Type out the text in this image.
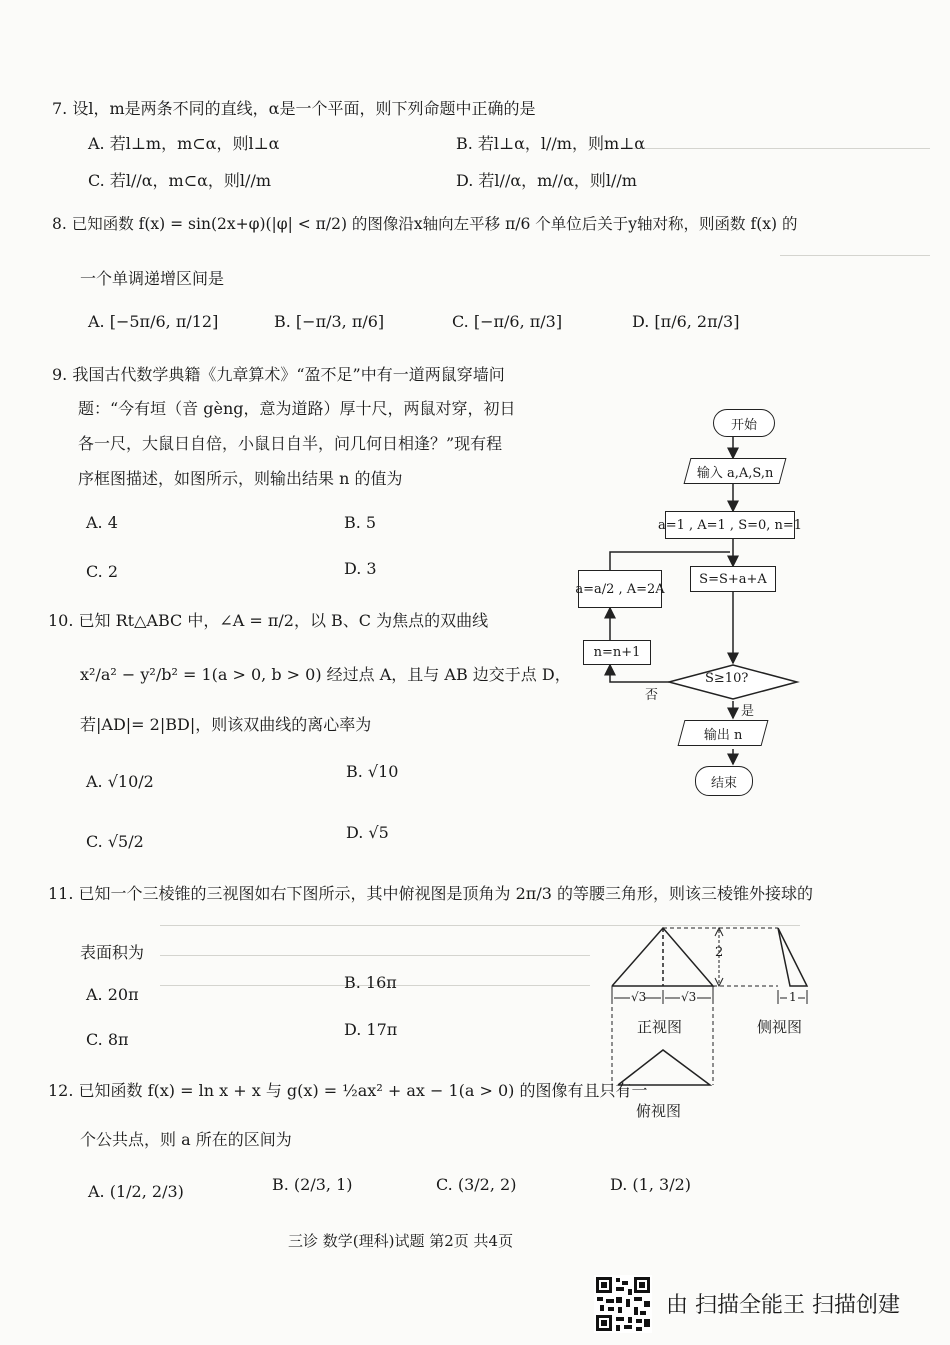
7. 设l，m是两条不同的直线，α是一个平面，则下列命题中正确的是
A. 若l⊥m，m⊂α，则l⊥α	B. 若l⊥α，l//m，则m⊥α
C. 若l//α，m⊂α，则l//m	D. 若l//α，m//α，则l//m
8. 已知函数 f(x) = sin(2x+φ)(|φ| < π/2) 的图像沿x轴向左平移 π/6 个单位后关于y轴对称，则函数 f(x) 的
一个单调递增区间是
A. [−5π/6, π/12]	B. [−π/3, π/6]	C. [−π/6, π/3]	D. [π/6, 2π/3]
9. 我国古代数学典籍《九章算术》“盈不足”中有一道两鼠穿墙问
题：“今有垣（音 gèng，意为道路）厚十尺，两鼠对穿，初日
各一尺，大鼠日自倍，小鼠日自半，问几何日相逢？”现有程
序框图描述，如图所示，则输出结果 n 的值为
A. 4	B. 5
C. 2	D. 3
开始
输入 a,A,S,n
a=1 , A=1 , S=0, n=1
S=S+a+A
a=a/2 , A=2A
n=n+1
S≥10?
否
是
输出 n
结束
10. 已知 Rt△ABC 中，∠A = π/2，以 B、C 为焦点的双曲线
x²/a² − y²/b² = 1(a > 0, b > 0) 经过点 A，且与 AB 边交于点 D，
若|AD|= 2|BD|，则该双曲线的离心率为
A. √10/2
B. √10
C. √5/2	D. √5
11. 已知一个三棱锥的三视图如右下图所示，其中俯视图是顶角为 2π/3 的等腰三角形，则该三棱锥外接球的
表面积为
A. 20π
B. 16π
C. 8π
D. 17π
2
√3	√3	1
正视图	侧视图
俯视图
12. 已知函数 f(x) = ln x + x 与 g(x) = ½ax² + ax − 1(a > 0) 的图像有且只有一
个公共点，则 a 所在的区间为
A. (1/2, 2/3)	B. (2/3, 1)	C. (3/2, 2)	D. (1, 3/2)
三诊 数学(理科)试题 第2页 共4页
由 扫描全能王 扫描创建
